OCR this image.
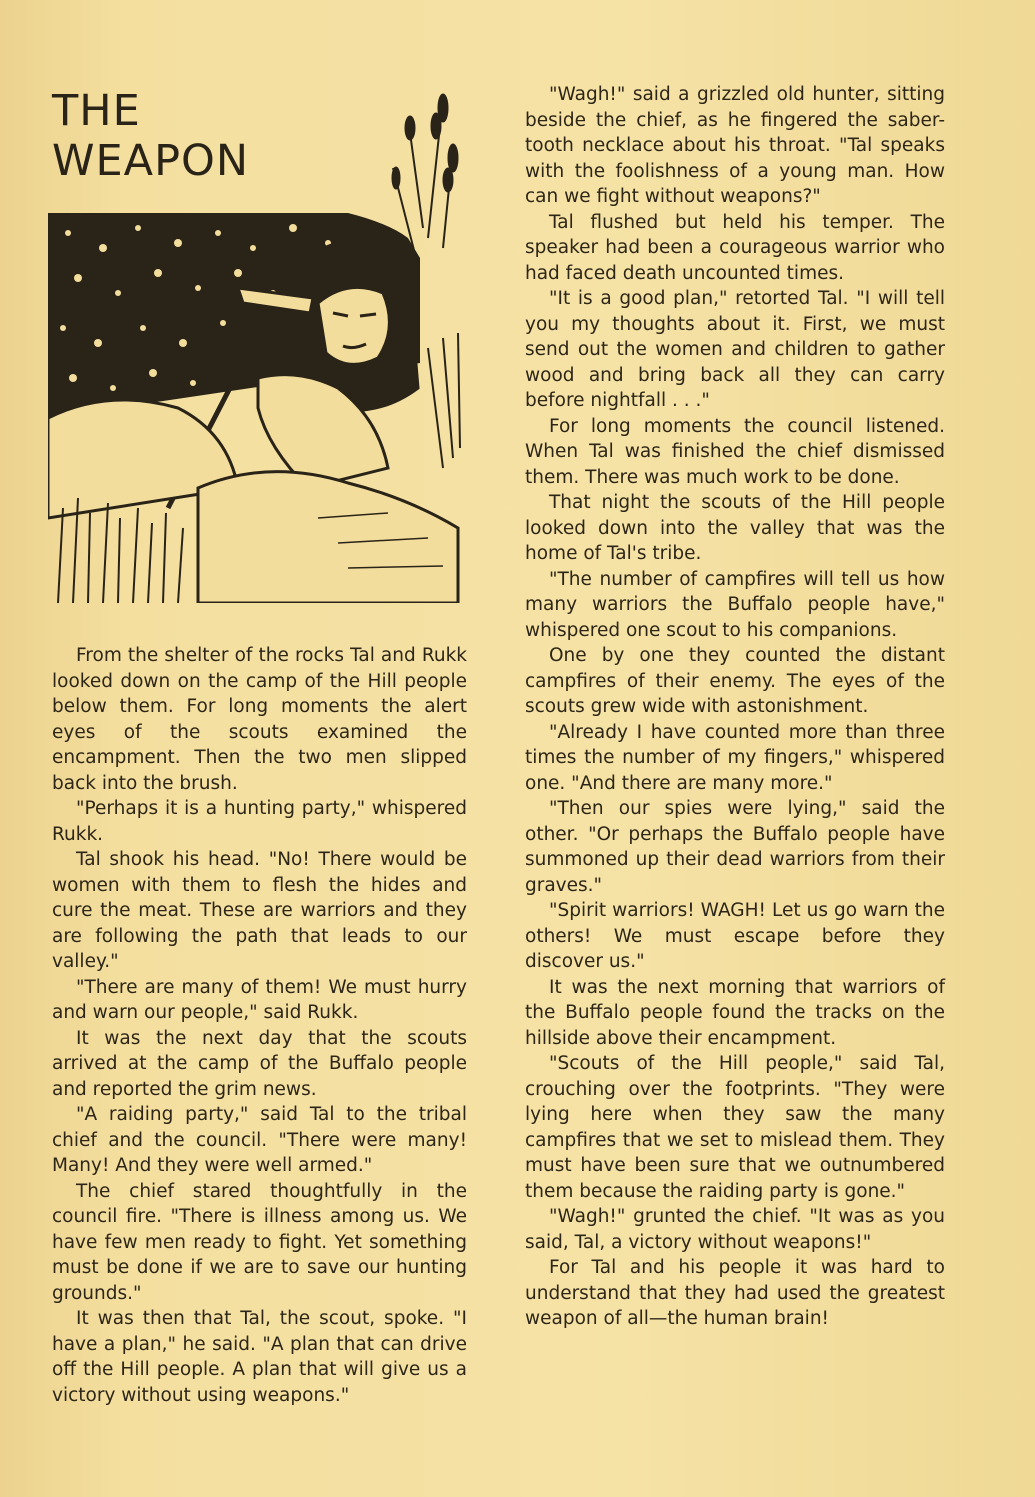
THE
WEAPON

From the shelter of the rocks Tal and Rukk looked down on the camp of the Hill people below them. For long moments the alert eyes of the scouts examined the encampment. Then the two men slipped back into the brush.

"Perhaps it is a hunting party," whispered Rukk.

Tal shook his head. "No! There would be women with them to flesh the hides and cure the meat. These are warriors and they are following the path that leads to our valley."

"There are many of them! We must hurry and warn our people," said Rukk.

It was the next day that the scouts arrived at the camp of the Buffalo people and reported the grim news.

"A raiding party," said Tal to the tribal chief and the council. "There were many! Many! And they were well armed."

The chief stared thoughtfully in the council fire. "There is illness among us. We have few men ready to fight. Yet something must be done if we are to save our hunting grounds."

It was then that Tal, the scout, spoke. "I have a plan," he said. "A plan that can drive off the Hill people. A plan that will give us a victory without using weapons."

"Wagh!" said a grizzled old hunter, sitting beside the chief, as he fingered the saber-tooth necklace about his throat. "Tal speaks with the foolishness of a young man. How can we fight without weapons?"

Tal flushed but held his temper. The speaker had been a courageous warrior who had faced death uncounted times.

"It is a good plan," retorted Tal. "I will tell you my thoughts about it. First, we must send out the women and children to gather wood and bring back all they can carry before nightfall . . ."

For long moments the council listened. When Tal was finished the chief dismissed them. There was much work to be done.

That night the scouts of the Hill people looked down into the valley that was the home of Tal's tribe.

"The number of campfires will tell us how many warriors the Buffalo people have," whispered one scout to his companions.

One by one they counted the distant campfires of their enemy. The eyes of the scouts grew wide with astonishment.

"Already I have counted more than three times the number of my fingers," whispered one. "And there are many more."

"Then our spies were lying," said the other. "Or perhaps the Buffalo people have summoned up their dead warriors from their graves."

"Spirit warriors! WAGH! Let us go warn the others! We must escape before they discover us."

It was the next morning that warriors of the Buffalo people found the tracks on the hillside above their encampment.

"Scouts of the Hill people," said Tal, crouching over the footprints. "They were lying here when they saw the many campfires that we set to mislead them. They must have been sure that we outnumbered them because the raiding party is gone."

"Wagh!" grunted the chief. "It was as you said, Tal, a victory without weapons!"

For Tal and his people it was hard to understand that they had used the greatest weapon of all—the human brain!
